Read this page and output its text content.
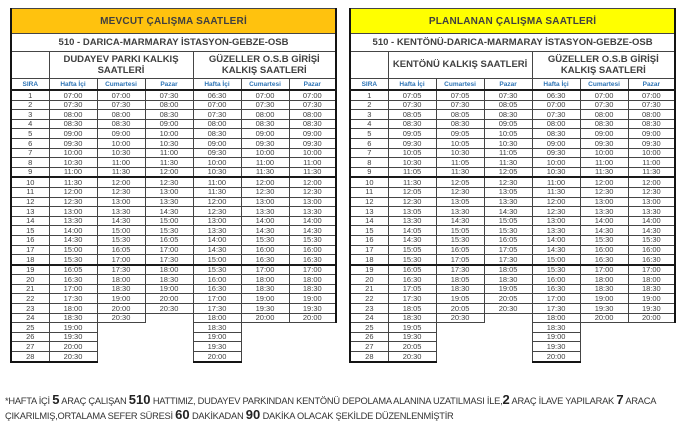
MEVCUT ÇALIŞMA SAATLERİ						
510 - DARICA-MARMARAY İSTASYON-GEBZE-OSB						
	DUDAYEV PARKI KALKIŞ SAATLERİ			GÜZELLER O.S.B GİRİŞİ KALKIŞ SAATLERİ		
SIRA	Hafta İçi	Cumartesi	Pazar	Hafta İçi	Cumartesi	Pazar
1	07:00	07:00	07:30	06:30	07:00	07:00
2	07:30	07:30	08:00	07:00	07:30	07:30
3	08:00	08:00	08:30	07:30	08:00	08:00
4	08:30	08:30	09:00	08:00	08:30	08:30
5	09:00	09:00	10:00	08:30	09:00	09:00
6	09:30	10:00	10:30	09:00	09:30	09:30
7	10:00	10:30	11:00	09:30	10:00	10:00
8	10:30	11:00	11:30	10:00	11:00	11:00
9	11:00	11:30	12:00	10:30	11:30	11:30
10	11:30	12:00	12:30	11:00	12:00	12:00
11	12:00	12:30	13:00	11:30	12:30	12:30
12	12:30	13:00	13:30	12:00	13:00	13:00
13	13:00	13:30	14:30	12:30	13:30	13:30
14	13:30	14:30	15:00	13:00	14:00	14:00
15	14:00	15:00	15:30	13:30	14:30	14:30
16	14:30	15:30	16:05	14:00	15:30	15:30
17	15:00	16:05	17:00	14:30	16:00	16:00
18	15:30	17:00	17:30	15:00	16:30	16:30
19	16:05	17:30	18:00	15:30	17:00	17:00
20	16:30	18:00	18:30	16:00	18:00	18:00
21	17:00	18:30	19:00	16:30	18:30	18:30
22	17:30	19:00	20:00	17:00	19:00	19:00
23	18:00	20:00	20:30	17:30	19:30	19:30
24	18:30	20:30		18:00	20:00	20:00
25	19:00			18:30		
26	19:30			19:00		
27	20:00			19:30		
28	20:30			20:00		
PLANLANAN ÇALIŞMA SAATLERİ						
510 - KENTÖNÜ-DARICA-MARMARAY İSTASYON-GEBZE-OSB						
	KENTÖNÜ KALKIŞ SAATLERİ			GÜZELLER O.S.B GİRİŞİ KALKIŞ SAATLERİ		
SIRA	Hafta İçi	Cumartesi	Pazar	Hafta İçi	Cumartesi	Pazar
1	07:05	07:05	07:30	06:30	07:00	07:00
2	07:30	07:30	08:05	07:00	07:30	07:30
3	08:05	08:05	08:30	07:30	08:00	08:00
4	08:30	08:30	09:05	08:00	08:30	08:30
5	09:05	09:05	10:05	08:30	09:00	09:00
6	09:30	10:05	10:30	09:00	09:30	09:30
7	10:05	10:30	11:05	09:30	10:00	10:00
8	10:30	11:05	11:30	10:00	11:00	11:00
9	11:05	11:30	12:05	10:30	11:30	11:30
10	11:30	12:05	12:30	11:00	12:00	12:00
11	12:05	12:30	13:05	11:30	12:30	12:30
12	12:30	13:05	13:30	12:00	13:00	13:00
13	13:05	13:30	14:30	12:30	13:30	13:30
14	13:30	14:30	15:05	13:00	14:00	14:00
15	14:05	15:05	15:30	13:30	14:30	14:30
16	14:30	15:30	16:05	14:00	15:30	15:30
17	15:05	16:05	17:05	14:30	16:00	16:00
18	15:30	17:05	17:30	15:00	16:30	16:30
19	16:05	17:30	18:05	15:30	17:00	17:00
20	16:30	18:05	18:30	16:00	18:00	18:00
21	17:05	18:30	19:05	16:30	18:30	18:30
22	17:30	19:05	20:05	17:00	19:00	19:00
23	18:05	20:05	20:30	17:30	19:30	19:30
24	18:30	20:30		18:00	20:00	20:00
25	19:05			18:30		
26	19:30			19:00		
27	20:05			19:30		
28	20:30			20:00		
*HAFTA İÇİ 5 ARAÇ ÇALIŞAN 510 HATTIMIZ, DUDAYEV PARKINDAN KENTÖNÜ DEPOLAMA ALANINA UZATILMASI İLE,2 ARAÇ İLAVE YAPILARAK 7 ARACA
ÇIKARILMIŞ,ORTALAMA SEFER SÜRESİ 60 DAKİKADAN 90 DAKİKA OLACAK ŞEKİLDE DÜZENLENMİŞTİR
